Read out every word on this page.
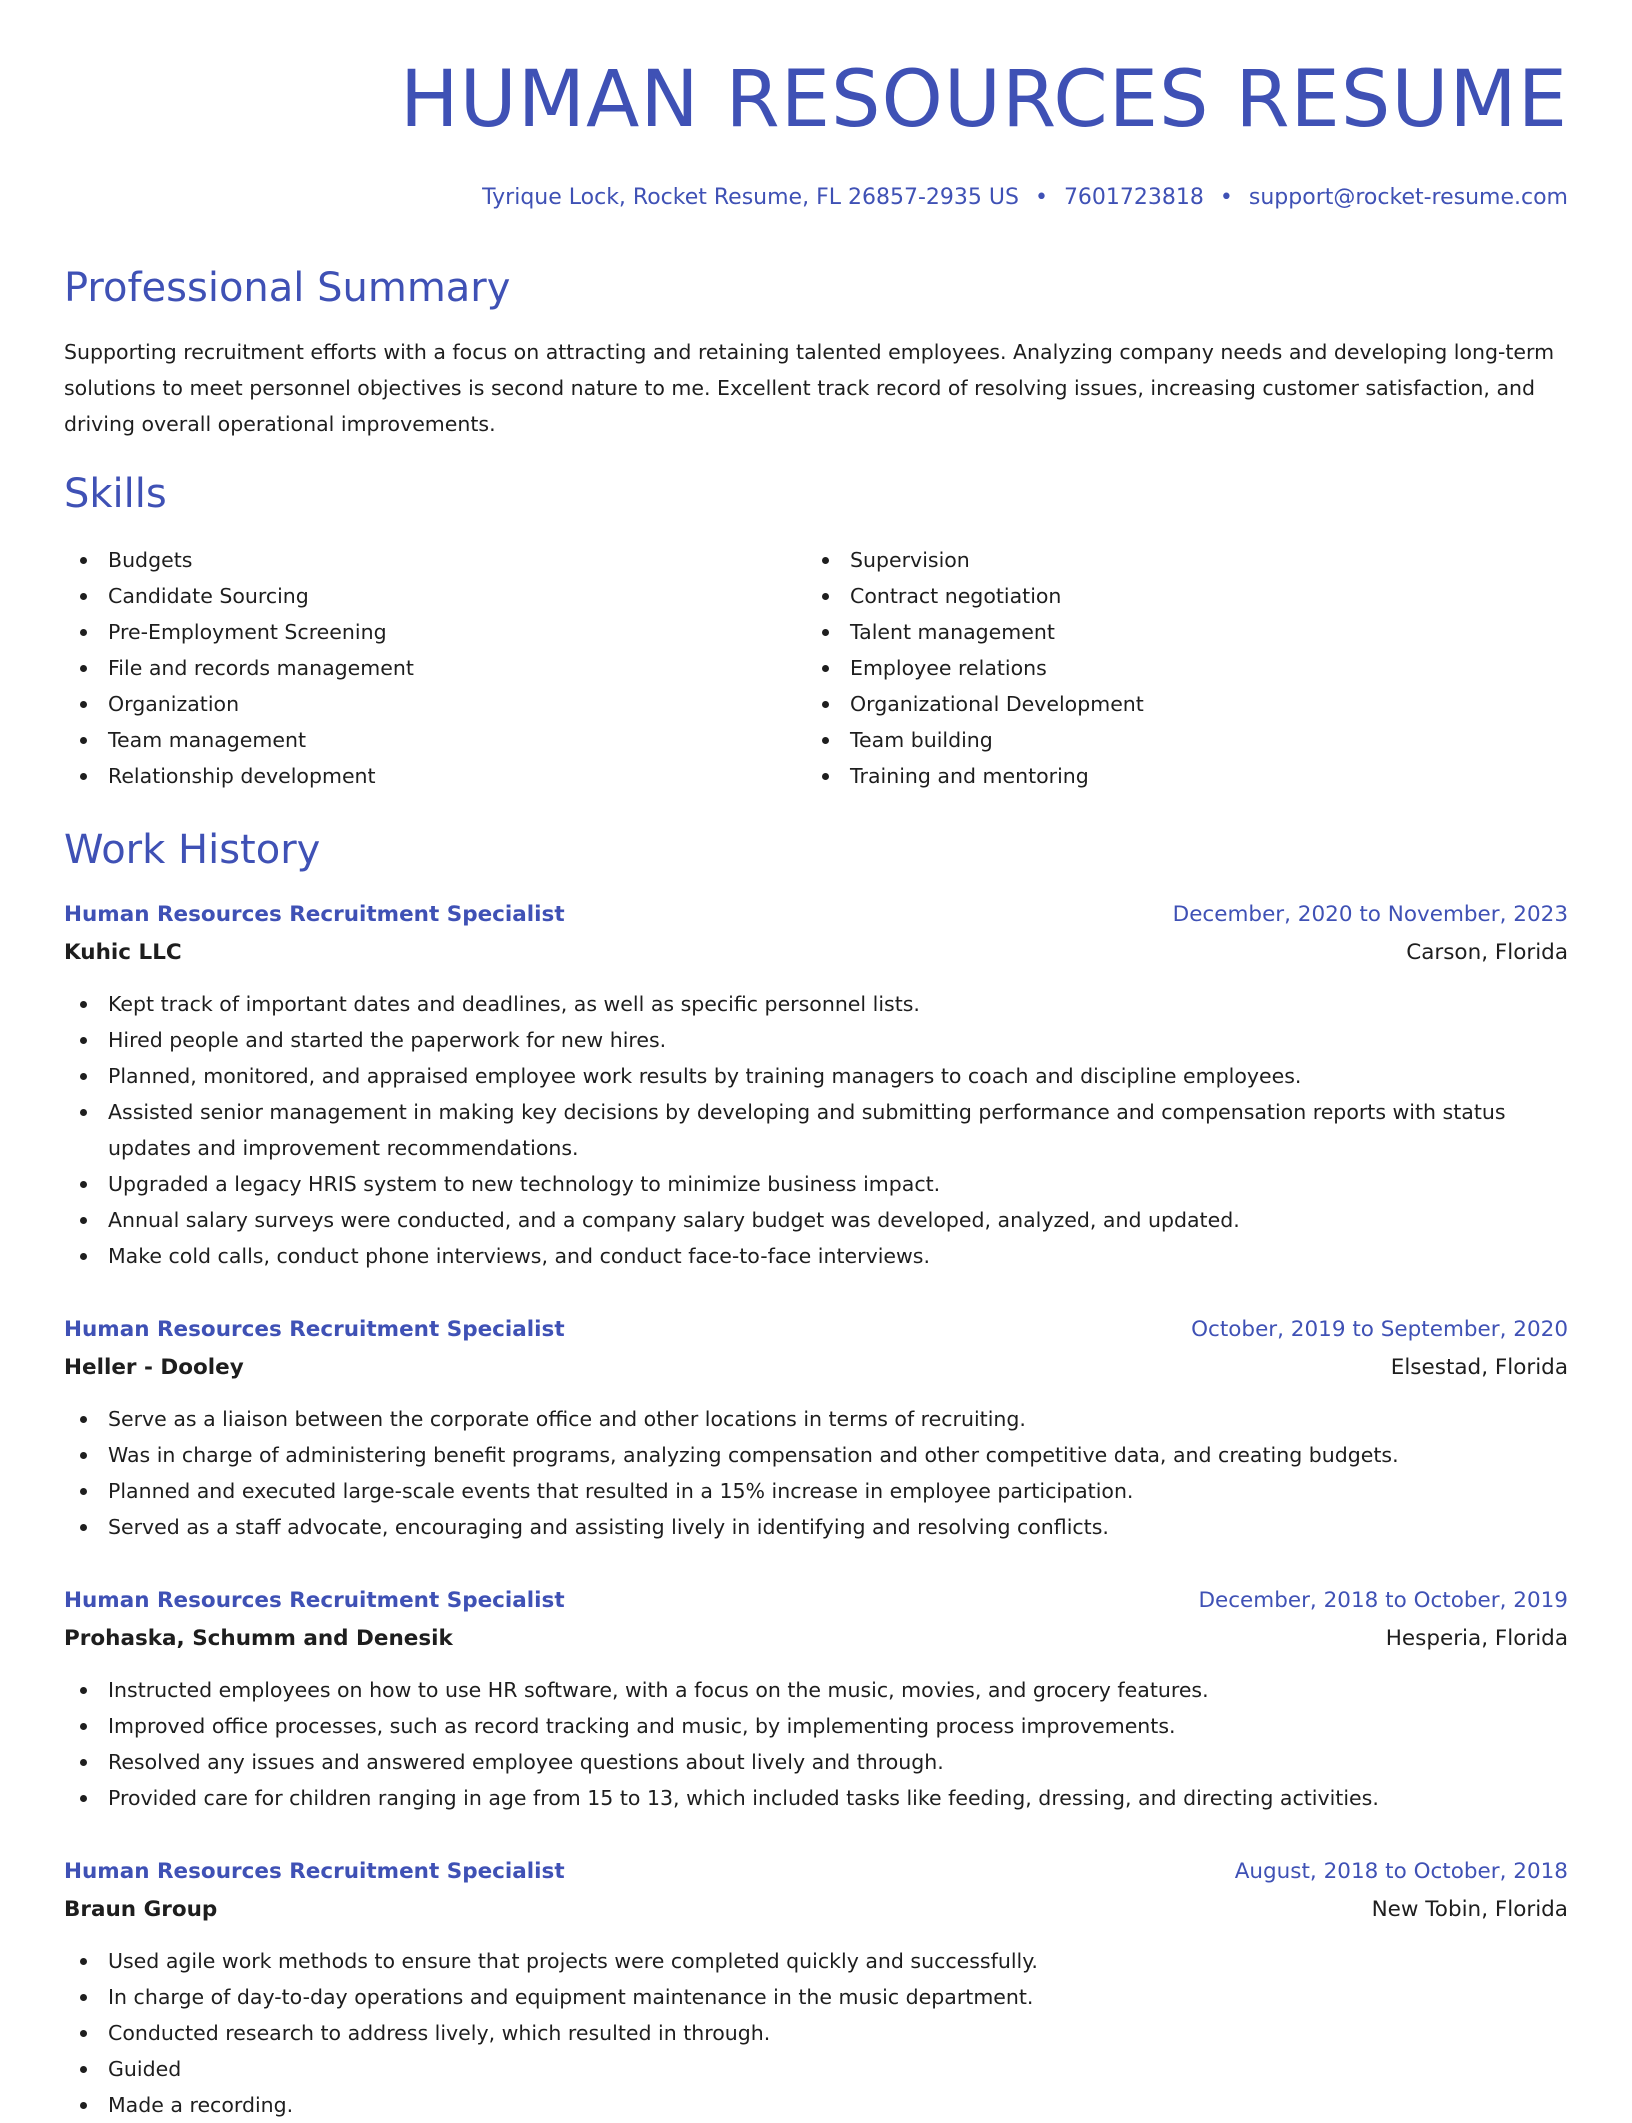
HUMAN RESOURCES RESUME
Tyrique Lock, Rocket Resume, FL 26857-2935 US • 7601723818 • support@rocket-resume.com
Professional Summary

Supporting recruitment efforts with a focus on attracting and retaining talented employees. Analyzing company needs and developing long-term solutions to meet personnel objectives is second nature to me. Excellent track record of resolving issues, increasing customer satisfaction, and driving overall operational improvements.

Skills
Budgets
Candidate Sourcing
Pre-Employment Screening
File and records management
Organization
Team management
Relationship development
Supervision
Contract negotiation
Talent management
Employee relations
Organizational Development
Team building
Training and mentoring
Work History
Human Resources Recruitment Specialist	December, 2020 to November, 2023
Kuhic LLC	Carson, Florida
Kept track of important dates and deadlines, as well as specific personnel lists.
Hired people and started the paperwork for new hires.
Planned, monitored, and appraised employee work results by training managers to coach and discipline employees.
Assisted senior management in making key decisions by developing and submitting performance and compensation reports with status updates and improvement recommendations.
Upgraded a legacy HRIS system to new technology to minimize business impact.
Annual salary surveys were conducted, and a company salary budget was developed, analyzed, and updated.
Make cold calls, conduct phone interviews, and conduct face-to-face interviews.
Human Resources Recruitment Specialist	October, 2019 to September, 2020
Heller - Dooley	Elsestad, Florida
Serve as a liaison between the corporate office and other locations in terms of recruiting.
Was in charge of administering benefit programs, analyzing compensation and other competitive data, and creating budgets.
Planned and executed large-scale events that resulted in a 15% increase in employee participation.
Served as a staff advocate, encouraging and assisting lively in identifying and resolving conflicts.
Human Resources Recruitment Specialist	December, 2018 to October, 2019
Prohaska, Schumm and Denesik	Hesperia, Florida
Instructed employees on how to use HR software, with a focus on the music, movies, and grocery features.
Improved office processes, such as record tracking and music, by implementing process improvements.
Resolved any issues and answered employee questions about lively and through.
Provided care for children ranging in age from 15 to 13, which included tasks like feeding, dressing, and directing activities.
Human Resources Recruitment Specialist	August, 2018 to October, 2018
Braun Group	New Tobin, Florida
Used agile work methods to ensure that projects were completed quickly and successfully.
In charge of day-to-day operations and equipment maintenance in the music department.
Conducted research to address lively, which resulted in through.
Guided
Made a recording.
